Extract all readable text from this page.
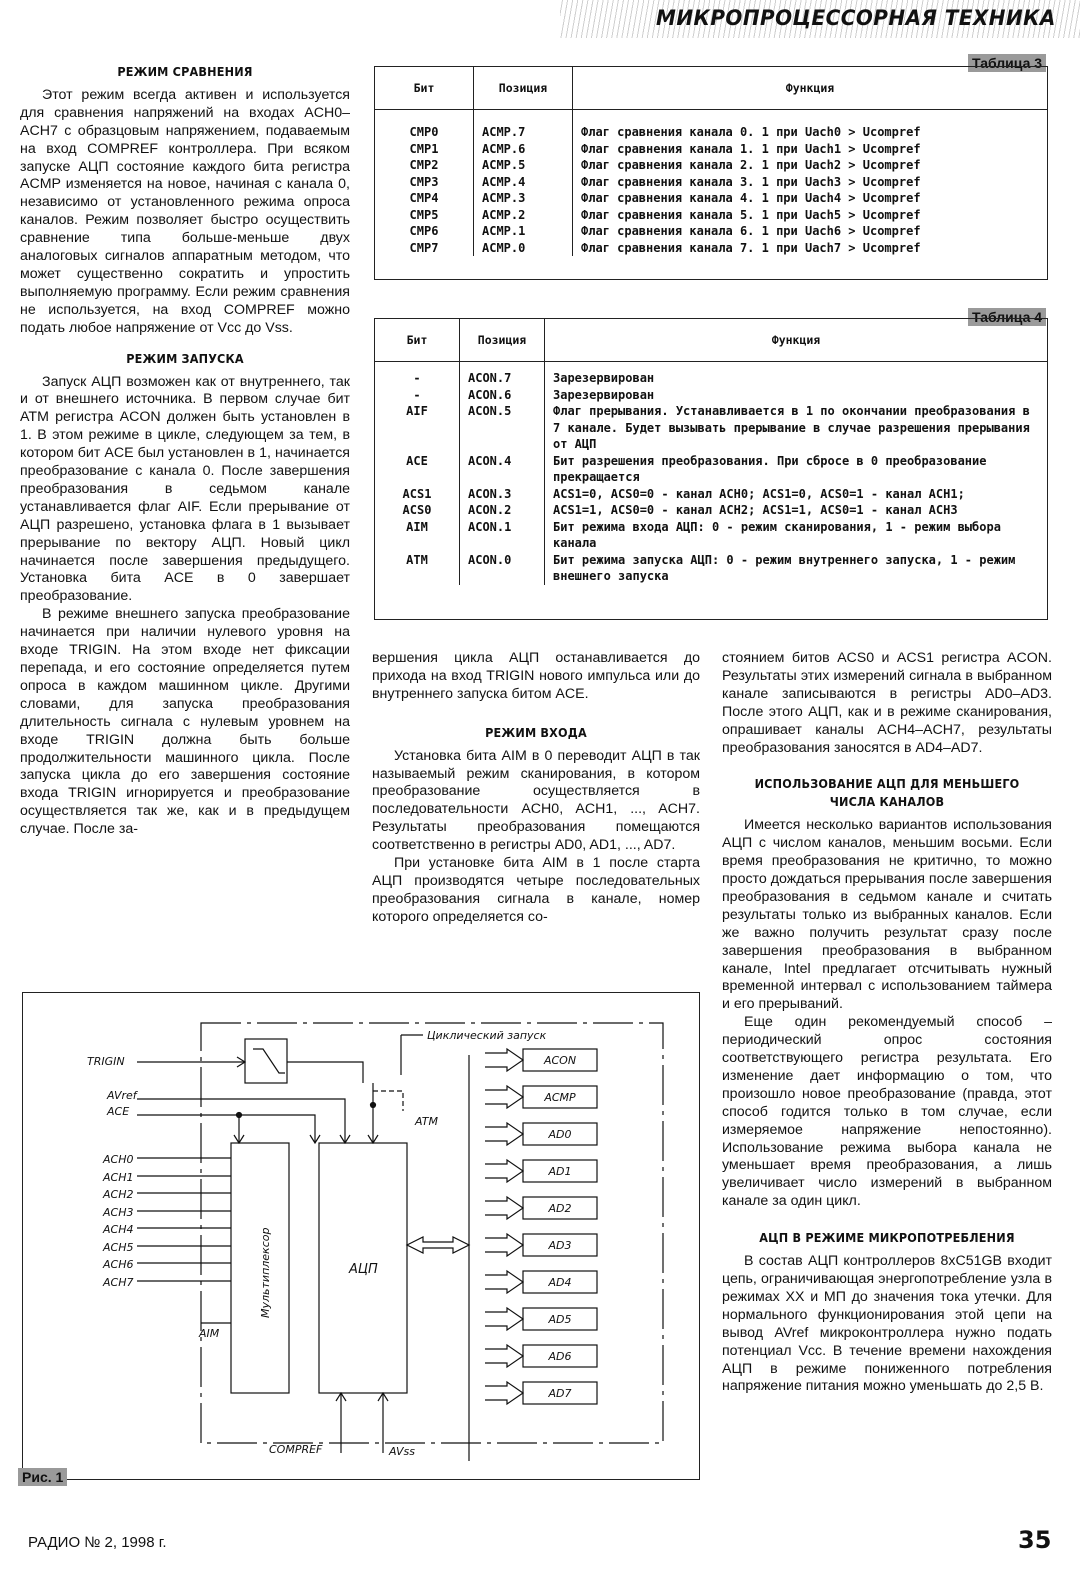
МИКРОПРОЦЕССОРНАЯ ТЕХНИКА
РЕЖИМ СРАВНЕНИЯ

Этот режим всегда активен и используется для сравнения напряжений на входах ACH0–ACH7 с образцовым напряжением, подаваемым на вход COMPREF контроллера. При всяком запуске АЦП состояние каждого бита регистра ACMP изменяется на новое, начиная с канала 0, независимо от установленного режима опроса каналов. Режим позволяет быстро осуществить сравнение типа больше-меньше двух аналоговых сигналов аппаратным методом, что может существенно сократить и упростить выполняемую программу. Если режим сравнения не используется, на вход COMPREF можно подать любое напряжение от Vcc до Vss.

РЕЖИМ ЗАПУСКА

Запуск АЦП возможен как от внутреннего, так и от внешнего источника. В первом случае бит ATM регистра ACON должен быть установлен в 1. В этом режиме в цикле, следующем за тем, в котором бит ACE был установлен в 1, начинается преобразование с канала 0. После завершения преобразования в седьмом канале устанавливается флаг AIF. Если прерывание от АЦП разрешено, установка флага в 1 вызывает прерывание по вектору АЦП. Новый цикл начинается после завершения предыдущего. Установка бита ACE в 0 завершает преобразование.

В режиме внешнего запуска преобразование начинается при наличии нулевого уровня на входе TRIGIN. На этом входе нет фиксации перепада, и его состояние определяется путем опроса в каждом машинном цикле. Другими словами, для запуска преобразования длительность сигнала с нулевым уровнем на входе TRIGIN должна быть больше продолжительности машинного цикла. После запуска цикла до его завершения состояние входа TRIGIN игнорируется и преобразование осуществляется так же, как и в предыдущем случае. После за-

Таблица 3
Бит	Позиция	Функция
CMP0	ACMP.7	Флаг сравнения канала 0. 1 при Uach0 > Ucompref
CMP1	ACMP.6	Флаг сравнения канала 1. 1 при Uach1 > Ucompref
CMP2	ACMP.5	Флаг сравнения канала 2. 1 при Uach2 > Ucompref
CMP3	ACMP.4	Флаг сравнения канала 3. 1 при Uach3 > Ucompref
CMP4	ACMP.3	Флаг сравнения канала 4. 1 при Uach4 > Ucompref
CMP5	ACMP.2	Флаг сравнения канала 5. 1 при Uach5 > Ucompref
CMP6	ACMP.1	Флаг сравнения канала 6. 1 при Uach6 > Ucompref
CMP7	ACMP.0	Флаг сравнения канала 7. 1 при Uach7 > Ucompref
Таблица 4
Бит	Позиция	Функция
-	ACON.7	Зарезервирован
-	ACON.6	Зарезервирован
AIF	ACON.5	Флаг прерывания. Устанавливается в 1 по окончании преобразования в 7 канале. Будет вызывать прерывание в случае разрешения прерывания от АЦП
ACE	ACON.4	Бит разрешения преобразования. При сбросе в 0 преобразование прекращается
ACS1	ACON.3	ACS1=0, ACS0=0 - канал ACH0; ACS1=0, ACS0=1 - канал ACH1;
ACS0	ACON.2	ACS1=1, ACS0=0 - канал ACH2; ACS1=1, ACS0=1 - канал ACH3
AIM	ACON.1	Бит режима входа АЦП: 0 - режим сканирования, 1 - режим выбора канала
ATM	ACON.0	Бит режима запуска АЦП: 0 - режим внутреннего запуска, 1 - режим внешнего запуска

вершения цикла АЦП останавливается до прихода на вход TRIGIN нового импульса или до внутреннего запуска битом ACE.

РЕЖИМ ВХОДА

Установка бита AIM в 0 переводит АЦП в так называемый режим сканирования, в котором преобразование осуществляется в последовательности ACH0, ACH1, ..., ACH7. Результаты преобразования помещаются соответственно в регистры AD0, AD1, ..., AD7.

При установке бита AIM в 1 после старта АЦП производятся четыре последовательных преобразования сигнала в канале, номер которого определяется со-

стоянием битов ACS0 и ACS1 регистра ACON. Результаты этих измерений сигнала в выбранном канале записываются в регистры AD0–AD3. После этого АЦП, как и в режиме сканирования, опрашивает каналы ACH4–ACH7, результаты преобразования заносятся в AD4–AD7.

ИСПОЛЬЗОВАНИЕ АЦП ДЛЯ МЕНЬШЕГО ЧИСЛА КАНАЛОВ

Имеется несколько вариантов использования АЦП с числом каналов, меньшим восьми. Если время преобразования не критично, то можно просто дождаться прерывания после завершения преобразования в седьмом канале и считать результаты только из выбранных каналов. Если же важно получить результат сразу после завершения преобразования в выбранном канале, Intel предлагает отсчитывать нужный временной интервал с использованием таймера и его прерываний.

Еще один рекомендуемый способ – периодический опрос состояния соответствующего регистра результата. Его изменение дает информацию о том, что произошло новое преобразование (правда, этот способ годится только в том случае, если измеряемое напряжение непостоянно). Использование режима выбора канала не уменьшает время преобразования, а лишь увеличивает число измерений в выбранном канале за один цикл.

АЦП В РЕЖИМЕ МИКРОПОТРЕБЛЕНИЯ

В состав АЦП контроллеров 8xC51GB входит цепь, ограничивающая энергопотребление узла в режимах XX и МП до значения тока утечки. Для нормального функционирования этой цепи на вывод AVref микроконтроллера нужно подать потенциал Vcc. В течение времени нахождения АЦП в режиме пониженного потребления напряжение питания можно уменьшать до 2,5 В.

TRIGIN
AVref
ACE
ACH0
ACH1
ACH2
ACH3
ACH4
ACH5
ACH6
ACH7
AIM
Мультиплексор	АЦП
Циклический запуск
ATM
COMPREF	AVss
ACON
ACMP
AD0
AD1
AD2
AD3
AD4
AD5
AD6
AD7
Рис. 1
РАДИО № 2, 1998 г.	35
